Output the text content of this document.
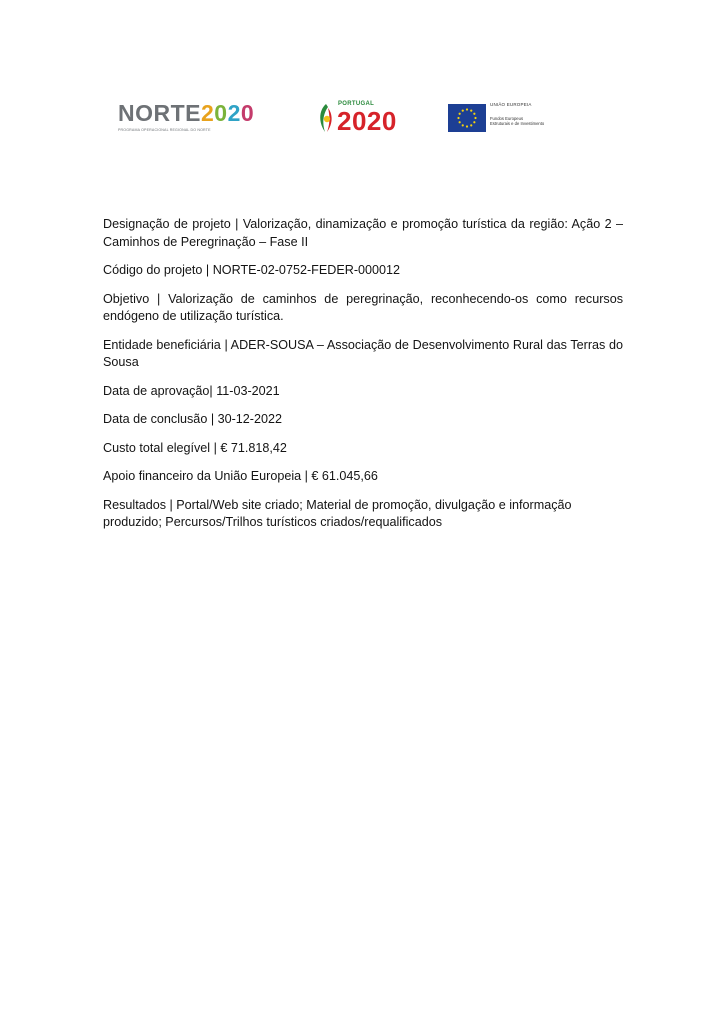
NORTE2020
PROGRAMA OPERACIONAL REGIONAL DO NORTE
PORTUGAL
2020
UNIÃO EUROPEIA
Fundos Europeus
Estruturais e de Investimento

Designação de projeto | Valorização, dinamização e promoção turística da região: Ação 2 – Caminhos de Peregrinação – Fase II

Código do projeto | NORTE-02-0752-FEDER-000012

Objetivo | Valorização de caminhos de peregrinação, reconhecendo-os como recursos endógeno de utilização turística.

Entidade beneficiária | ADER-SOUSA – Associação de Desenvolvimento Rural das Terras do Sousa

Data de aprovação| 11-03-2021

Data de conclusão | 30-12-2022

Custo total elegível | € 71.818,42

Apoio financeiro da União Europeia | € 61.045,66

Resultados | Portal/Web site criado; Material de promoção, divulgação e informação produzido; Percursos/Trilhos turísticos criados/requalificados
